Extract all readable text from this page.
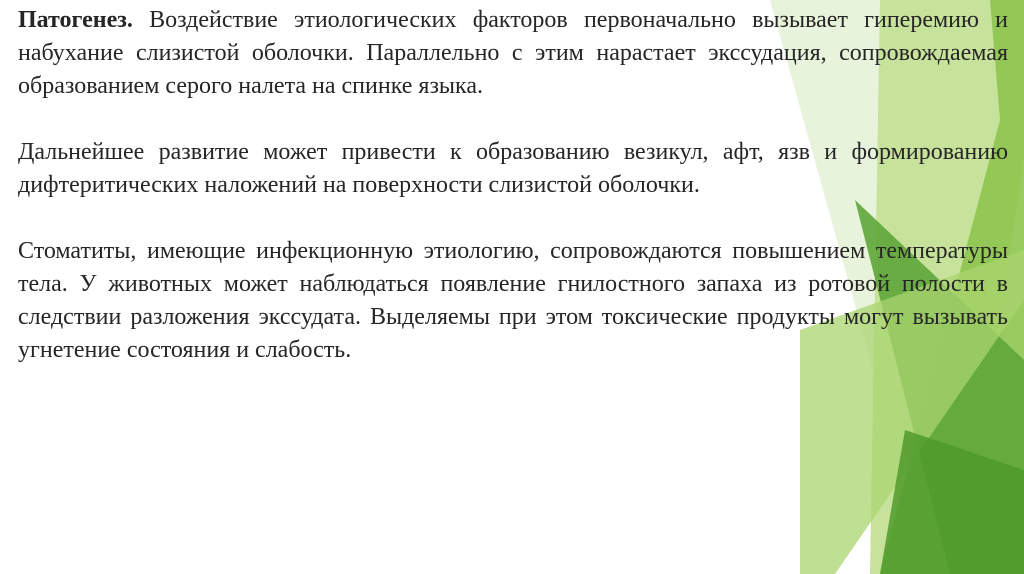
Патогенез. Воздействие этиологических факторов первоначально вызывает гиперемию и набухание слизистой оболочки. Параллельно с этим нарастает экссудация, сопровождаемая образованием серого налета на спинке языка.

Дальнейшее развитие может привести к образованию везикул, афт, язв и формированию дифтеритических наложений на поверхности слизистой оболочки.

Стоматиты, имеющие инфекционную этиологию, сопровождаются повышением температуры тела. У животных может наблюдаться появление гнилостного запаха из ротовой полости в следствии разложения экссудата. Выделяемы при этом токсические продукты могут вызывать угнетение состояния и слабость.
